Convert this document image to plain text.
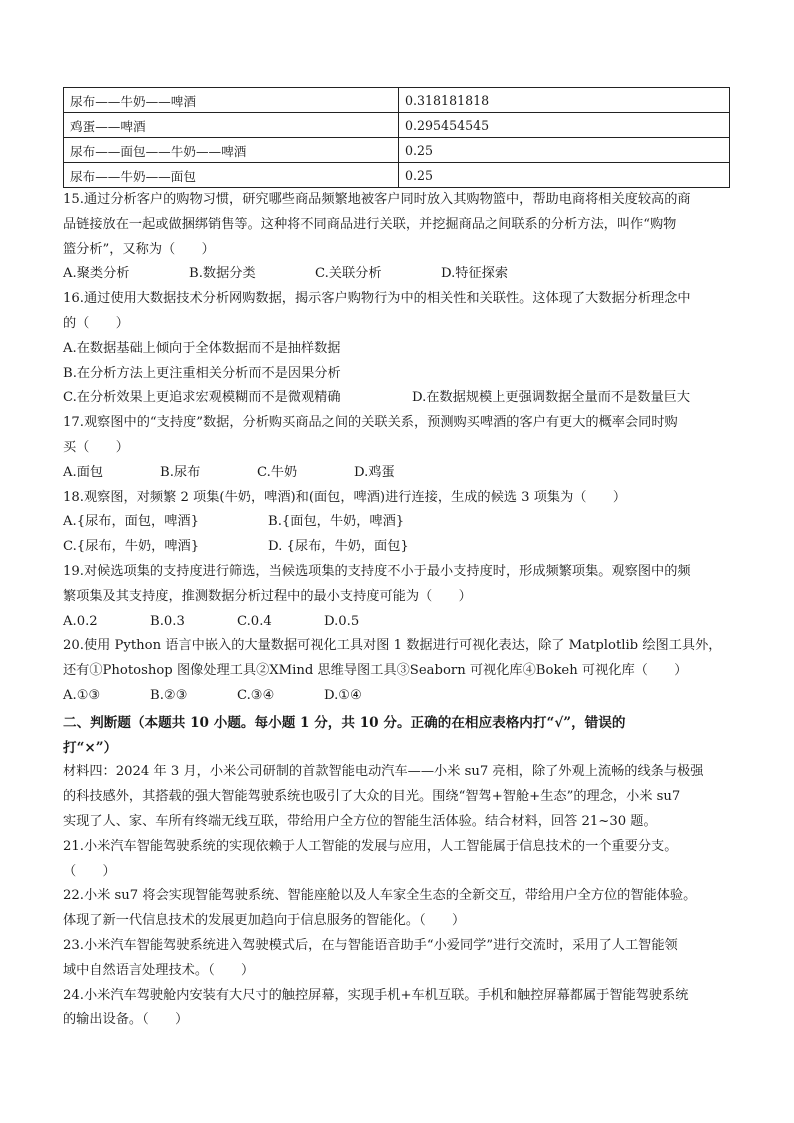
尿布——牛奶——啤酒	0.318181818
鸡蛋——啤酒	0.295454545
尿布——面包——牛奶——啤酒	0.25
尿布——牛奶——面包	0.25

15.通过分析客户的购物习惯，研究哪些商品频繁地被客户同时放入其购物篮中，帮助电商将相关度较高的商

品链接放在一起或做捆绑销售等。这种将不同商品进行关联，并挖掘商品之间联系的分析方法，叫作“购物

篮分析”，又称为（　　）

A.聚类分析	B.数据分类	C.关联分析	D.特征探索

16.通过使用大数据技术分析网购数据，揭示客户购物行为中的相关性和关联性。这体现了大数据分析理念中

的（　　）

A.在数据基础上倾向于全体数据而不是抽样数据

B.在分析方法上更注重相关分析而不是因果分析

C.在分析效果上更追求宏观模糊而不是微观精确	D.在数据规模上更强调数据全量而不是数量巨大

17.观察图中的“支持度”数据，分析购买商品之间的关联关系，预测购买啤酒的客户有更大的概率会同时购

买（　　）

A.面包	B.尿布	C.牛奶	D.鸡蛋

18.观察图，对频繁 2 项集(牛奶，啤酒)和(面包，啤酒)进行连接，生成的候选 3 项集为（　　）

A.{尿布，面包，啤酒}	B.{面包，牛奶，啤酒}
C.{尿布，牛奶，啤酒}	D. {尿布，牛奶，面包}

19.对候选项集的支持度进行筛选，当候选项集的支持度不小于最小支持度时，形成频繁项集。观察图中的频

繁项集及其支持度，推测数据分析过程中的最小支持度可能为（　　）

A.0.2	B.0.3	C.0.4	D.0.5

20.使用 Python 语言中嵌入的大量数据可视化工具对图 1 数据进行可视化表达，除了 Matplotlib 绘图工具外，

还有①Photoshop 图像处理工具②XMind 思维导图工具③Seaborn 可视化库④Bokeh 可视化库（　　）

A.①③	B.②③	C.③④	D.①④

二、判断题（本题共 10 小题。每小题 1 分，共 10 分。正确的在相应表格内打“√”，错误的

打“×”）

材料四：2024 年 3 月，小米公司研制的首款智能电动汽车——小米 su7 亮相，除了外观上流畅的线条与极强

的科技感外，其搭载的强大智能驾驶系统也吸引了大众的目光。围绕“智驾+智舱+生态”的理念，小米 su7

实现了人、家、车所有终端无线互联，带给用户全方位的智能生活体验。结合材料，回答 21~30 题。

21.小米汽车智能驾驶系统的实现依赖于人工智能的发展与应用，人工智能属于信息技术的一个重要分支。

（　　）

22.小米 su7 将会实现智能驾驶系统、智能座舱以及人车家全生态的全新交互，带给用户全方位的智能体验。

体现了新一代信息技术的发展更加趋向于信息服务的智能化。（　　）

23.小米汽车智能驾驶系统进入驾驶模式后，在与智能语音助手“小爱同学”进行交流时，采用了人工智能领

域中自然语言处理技术。（　　）

24.小米汽车驾驶舱内安装有大尺寸的触控屏幕，实现手机+车机互联。手机和触控屏幕都属于智能驾驶系统

的输出设备。（　　）
